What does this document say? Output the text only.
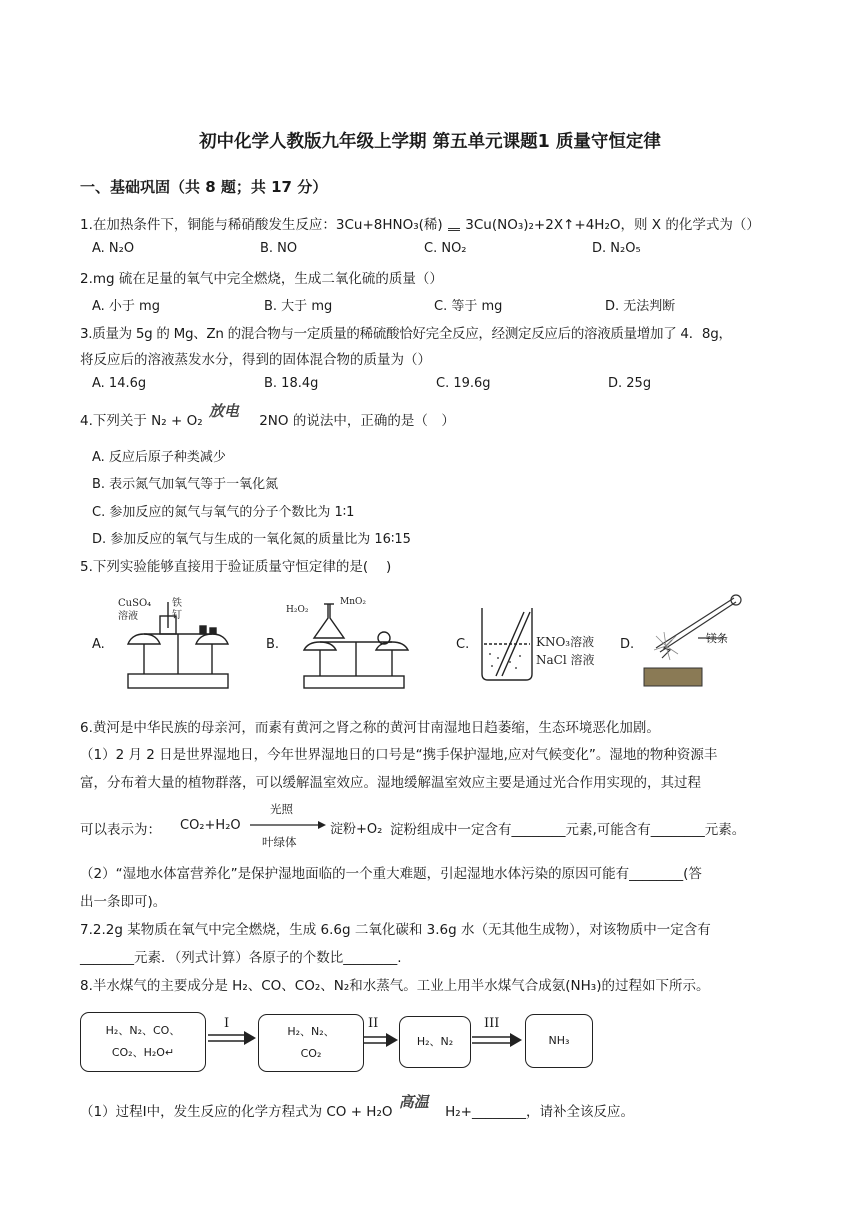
初中化学人教版九年级上学期 第五单元课题1 质量守恒定律
一、基础巩固（共 8 题；共 17 分）
1.在加热条件下，铜能与稀硝酸发生反应：3Cu+8HNO₃(稀) 3Cu(NO₃)₂+2X↑+4H₂O，则 X 的化学式为（）
A. N₂O	B. NO	C. NO₂	D. N₂O₅
2.mg 硫在足量的氧气中完全燃烧，生成二氧化硫的质量（）
A. 小于 mg	B. 大于 mg	C. 等于 mg	D. 无法判断
3.质量为 5g 的 Mg、Zn 的混合物与一定质量的稀硫酸恰好完全反应，经测定反应后的溶液质量增加了 4．8g，
将反应后的溶液蒸发水分，得到的固体混合物的质量为（）
A. 14.6g	B. 18.4g	C. 19.6g	D. 25g
4.下列关于 N₂ + O₂
放电
2NO 的说法中，正确的是（　）
A. 反应后原子种类减少
B. 表示氮气加氧气等于一氧化氮
C. 参加反应的氮气与氧气的分子个数比为 1∶1
D. 参加反应的氧气与生成的一氧化氮的质量比为 16∶15
5.下列实验能够直接用于验证质量守恒定律的是(　 )
A.	B.	C.	D.
CuSO₄
溶液
铁
钉	H₂O₂
MnO₂
KNO₃溶液
NaCl 溶液
镁条
6.黄河是中华民族的母亲河，而素有黄河之肾之称的黄河甘南湿地日趋萎缩，生态环境恶化加剧。
（1）2 月 2 日是世界湿地日，今年世界湿地日的口号是“携手保护湿地,应对气候变化”。湿地的物种资源丰
富，分布着大量的植物群落，可以缓解温室效应。湿地缓解温室效应主要是通过光合作用实现的，其过程
可以表示为： CO₂+H₂O
光照
叶绿体
淀粉+O₂ 淀粉组成中一定含有________元素,可能含有________元素。
（2）“湿地水体富营养化”是保护湿地面临的一个重大难题，引起湿地水体污染的原因可能有________(答
出一条即可)。
7.2.2g 某物质在氧气中完全燃烧，生成 6.6g 二氧化碳和 3.6g 水（无其他生成物），对该物质中一定含有
________元素．（列式计算）各原子的个数比________.
8.半水煤气的主要成分是 H₂、CO、CO₂、N₂和水蒸气。工业上用半水煤气合成氨(NH₃)的过程如下所示。
H₂、N₂、CO、
CO₂、H₂O↵
H₂、N₂、
CO₂
H₂、N₂	NH₃
I	II	III
（1）过程Ⅰ中，发生反应的化学方程式为 CO + H₂O
高温
H₂+________，请补全该反应。
